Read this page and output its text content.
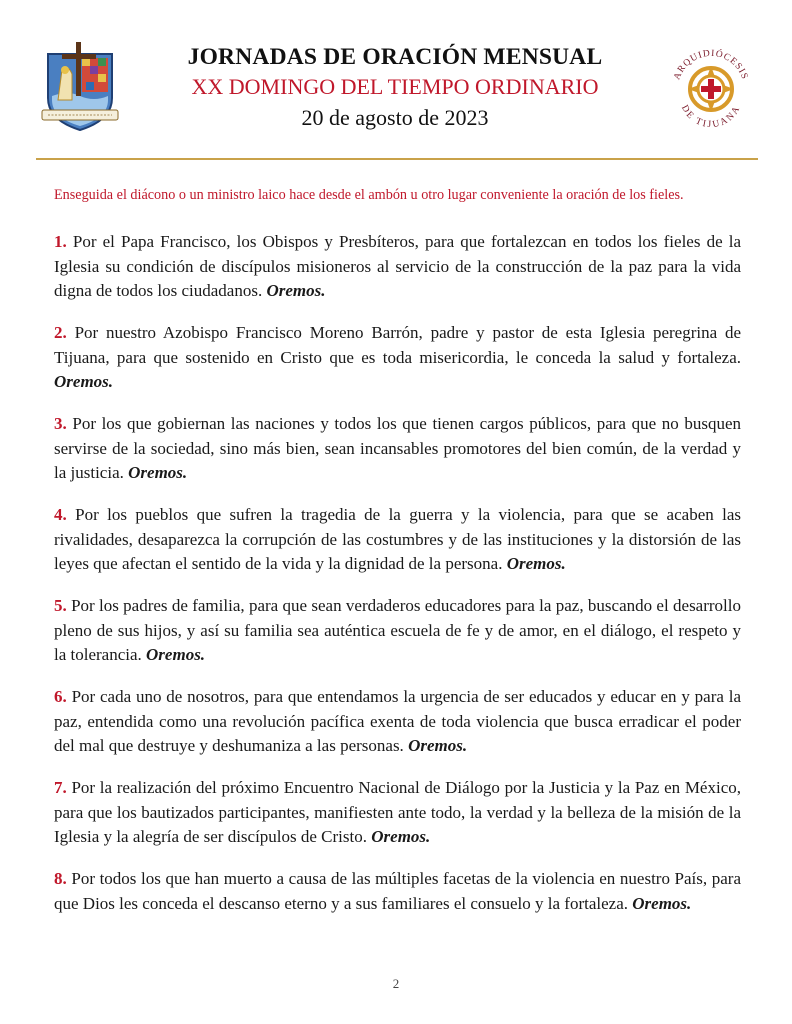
JORNADAS DE ORACIÓN MENSUAL
XX DOMINGO DEL TIEMPO ORDINARIO
20 de agosto de 2023
ARQUIDIÓCESIS
DE TIJUANA
Enseguida el diácono o un ministro laico hace desde el ambón u otro lugar conveniente la oración de los fieles.

1. Por el Papa Francisco, los Obispos y Presbíteros, para que fortalezcan en todos los fieles de la Iglesia su condición de discípulos misioneros al servicio de la construcción de la paz para la vida digna de todos los ciudadanos. Oremos.

2. Por nuestro Azobispo Francisco Moreno Barrón, padre y pastor de esta Iglesia peregrina de Tijuana, para que sostenido en Cristo que es toda misericordia, le conceda la salud y fortaleza. Oremos.

3. Por los que gobiernan las naciones y todos los que tienen cargos públicos, para que no busquen servirse de la sociedad, sino más bien, sean incansables promotores del bien común, de la verdad y la justicia. Oremos.

4. Por los pueblos que sufren la tragedia de la guerra y la violencia, para que se acaben las rivalidades, desaparezca la corrupción de las costumbres y de las instituciones y la distorsión de las leyes que afectan el sentido de la vida y la dignidad de la persona. Oremos.

5. Por los padres de familia, para que sean verdaderos educadores para la paz, buscando el desarrollo pleno de sus hijos, y así su familia sea auténtica escuela de fe y de amor, en el diálogo, el respeto y la tolerancia. Oremos.

6. Por cada uno de nosotros, para que entendamos la urgencia de ser educados y educar en y para la paz, entendida como una revolución pacífica exenta de toda violencia que busca erradicar el poder del mal que destruye y deshumaniza a las personas. Oremos.

7. Por la realización del próximo Encuentro Nacional de Diálogo por la Justicia y la Paz en México, para que los bautizados participantes, manifiesten ante todo, la verdad y la belleza de la misión de la Iglesia y la alegría de ser discípulos de Cristo. Oremos.

8. Por todos los que han muerto a causa de las múltiples facetas de la violencia en nuestro País, para que Dios les conceda el descanso eterno y a sus familiares el consuelo y la fortaleza. Oremos.

2
